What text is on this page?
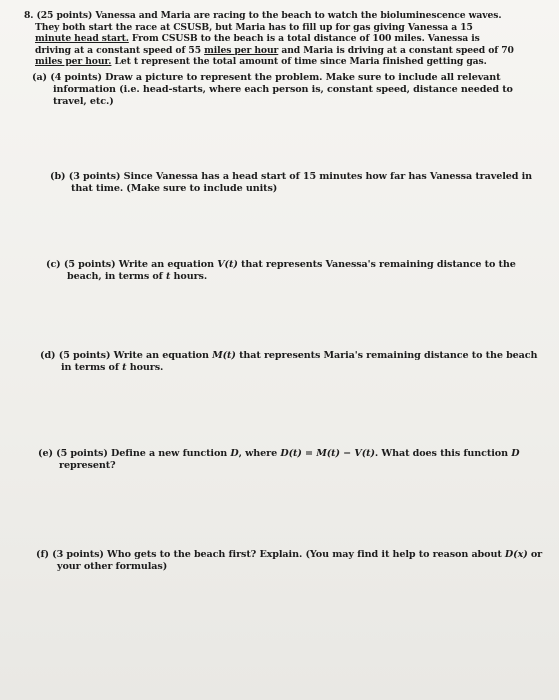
8. (25 points) Vanessa and Maria are racing to the beach to watch the bioluminescence waves.
They both start the race at CSUSB, but Maria has to fill up for gas giving Vanessa a 15
minute head start. From CSUSB to the beach is a total distance of 100 miles. Vanessa is
driving at a constant speed of 55 miles per hour and Maria is driving at a constant speed of 70
miles per hour. Let t represent the total amount of time since Maria finished getting gas.
(a) (4 points) Draw a picture to represent the problem. Make sure to include all relevant information (i.e. head-starts, where each person is, constant speed, distance needed to travel, etc.)
(b) (3 points) Since Vanessa has a head start of 15 minutes how far has Vanessa traveled in that time. (Make sure to include units)
(c) (5 points) Write an equation V(t) that represents Vanessa's remaining distance to the beach, in terms of t hours.
(d) (5 points) Write an equation M(t) that represents Maria's remaining distance to the beach in terms of t hours.
(e) (5 points) Define a new function D, where D(t) = M(t) − V(t). What does this function D represent?
(f) (3 points) Who gets to the beach first? Explain. (You may find it help to reason about D(x) or your other formulas)
